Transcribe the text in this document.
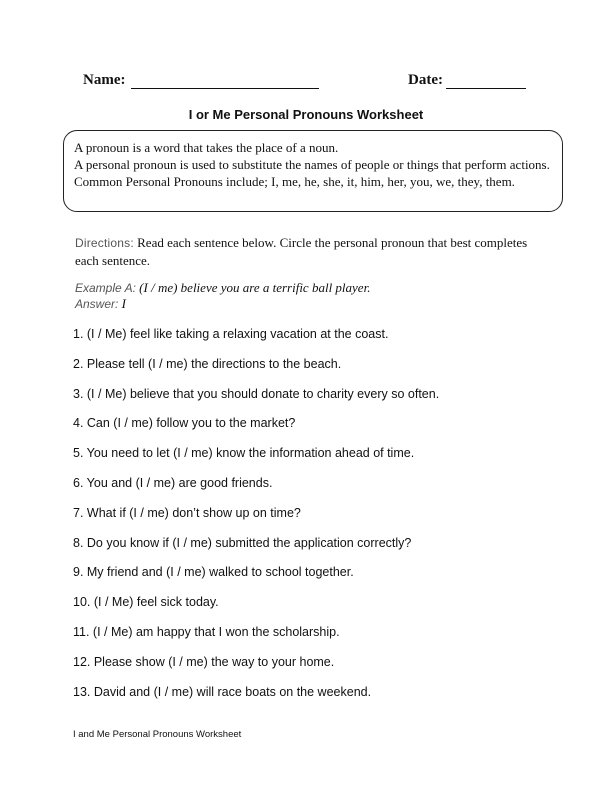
Name:	Date:
I or Me Personal Pronouns Worksheet

A pronoun is a word that takes the place of a noun.

A personal pronoun is used to substitute the names of people or things that perform actions.

Common Personal Pronouns include; I, me, he, she, it, him, her, you, we, they, them.

Directions: Read each sentence below. Circle the personal pronoun that best completes each sentence.
Example A: (I / me) believe you are a terrific ball player.
Answer: I
1. (I / Me) feel like taking a relaxing vacation at the coast.
2. Please tell (I / me) the directions to the beach.
3. (I / Me) believe that you should donate to charity every so often.
4. Can (I / me) follow you to the market?
5. You need to let (I / me) know the information ahead of time.
6. You and (I / me) are good friends.
7. What if (I / me) don’t show up on time?
8. Do you know if (I / me) submitted the application correctly?
9. My friend and (I / me) walked to school together.
10. (I / Me) feel sick today.
11. (I / Me) am happy that I won the scholarship.
12. Please show (I / me) the way to your home.
13. David and (I / me) will race boats on the weekend.
I and Me Personal Pronouns Worksheet
